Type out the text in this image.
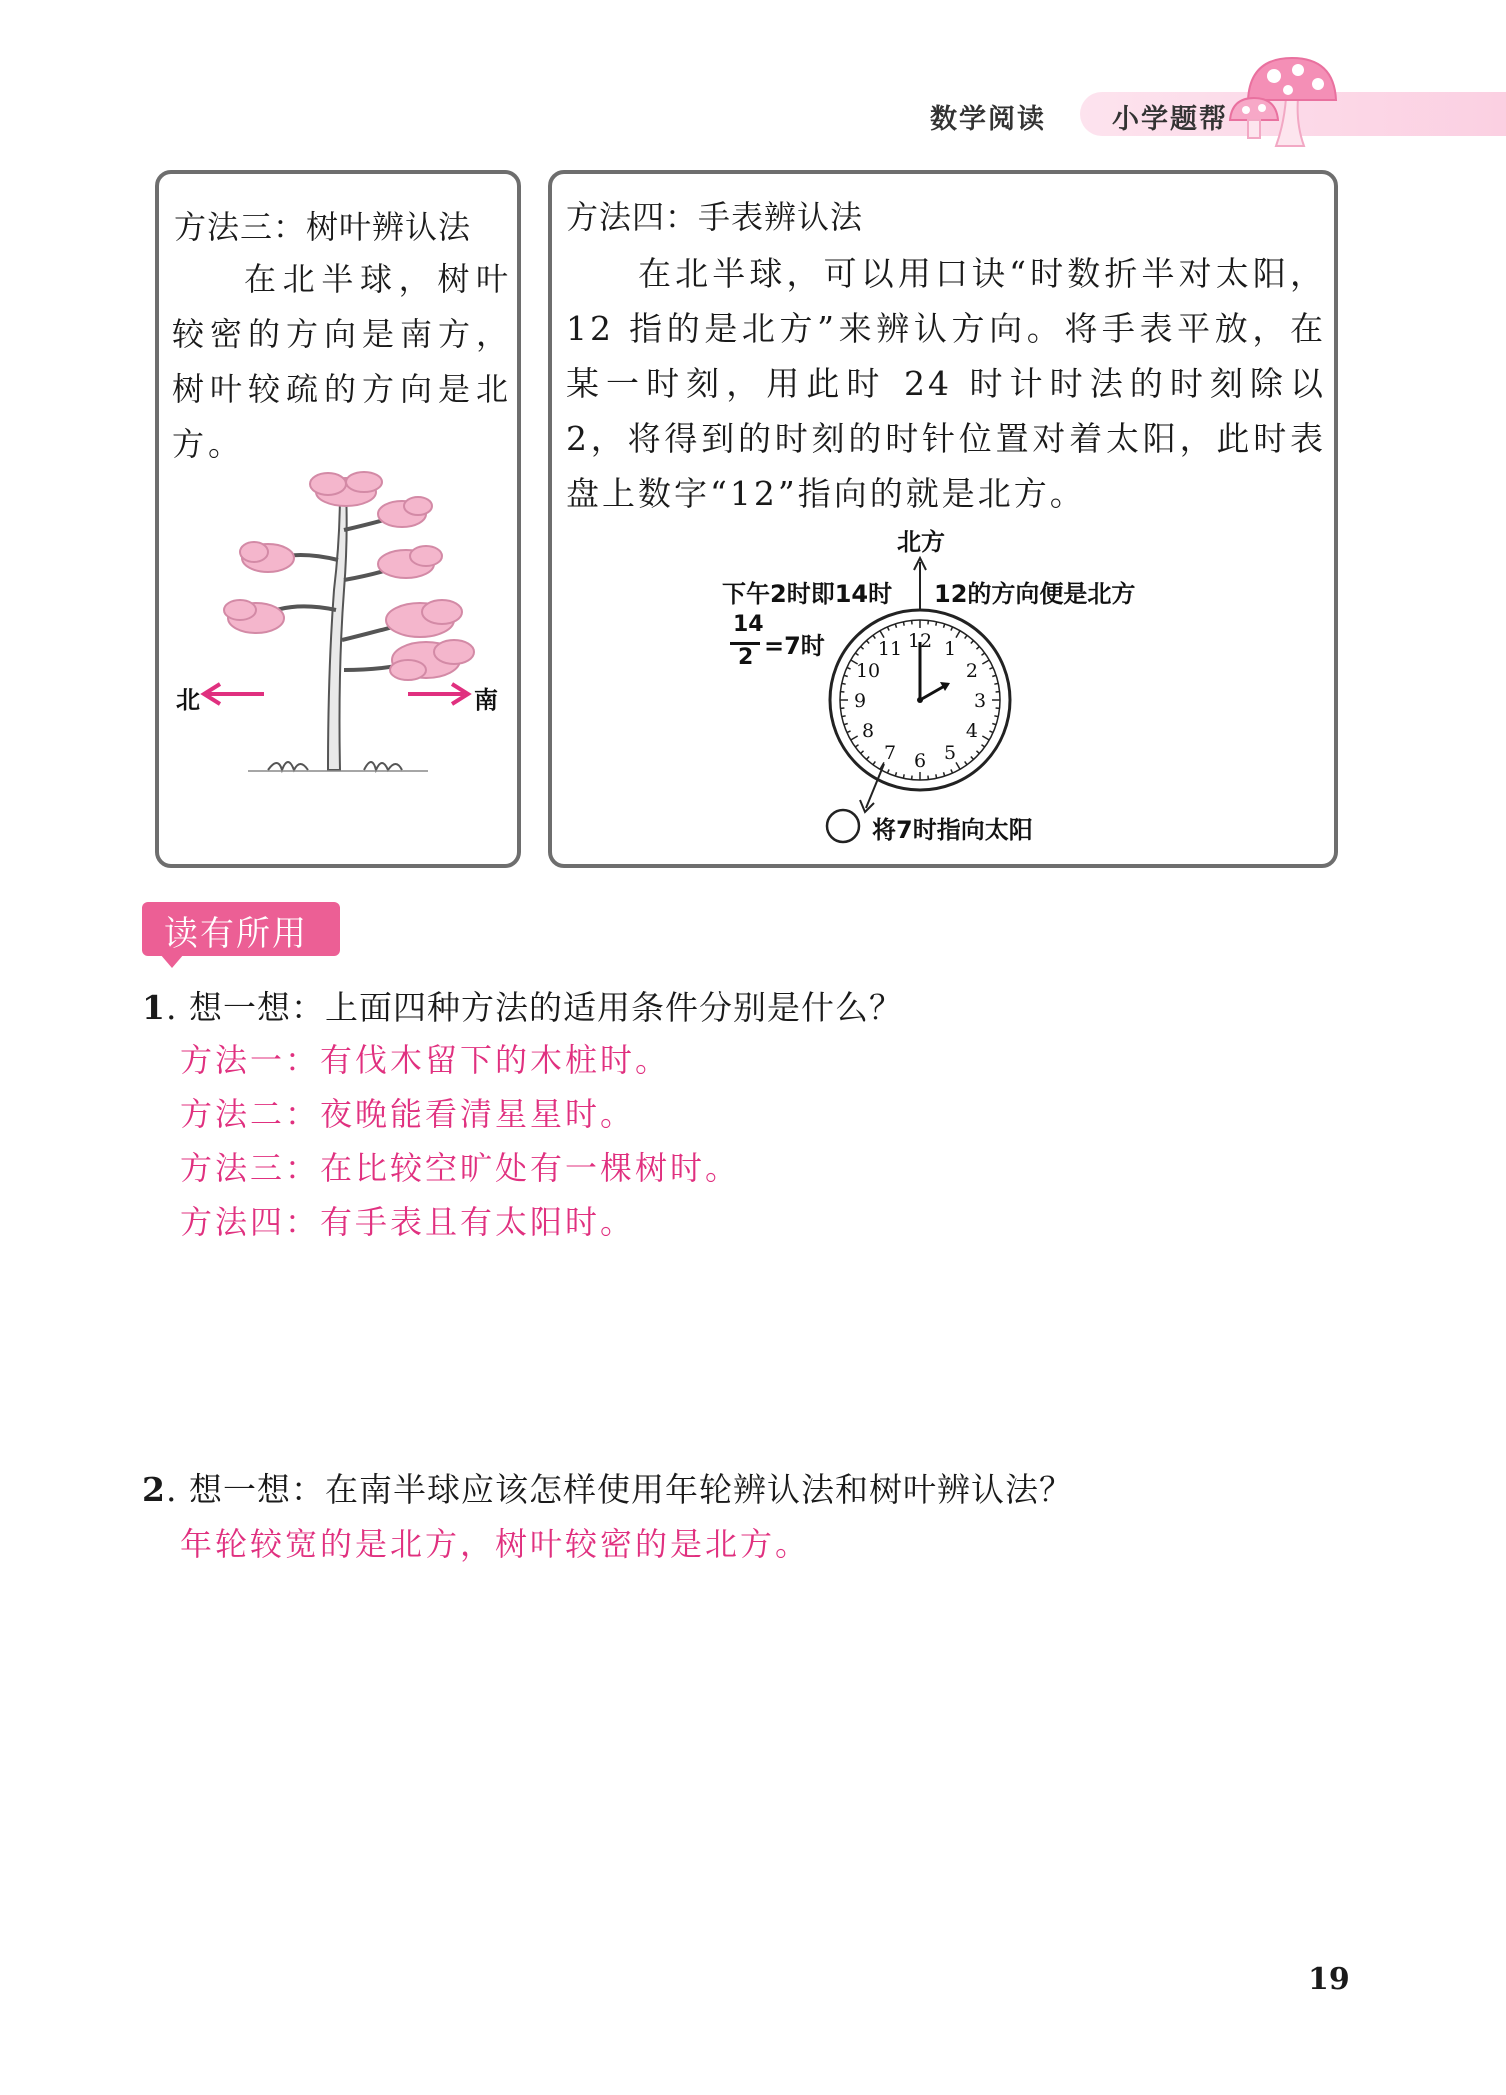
数学阅读 小学题帮
方法三：树叶辨认法
在北半球，树叶较密的方向是南方，树叶较疏的方向是北方。
北	南
方法四：手表辨认法
在北半球，可以用口诀“时数折半对太阳，12 指的是北方”来辨认方向。将手表平放，在某一时刻，用此时 24 时计时法的时刻除以 2，将得到的时刻的时针位置对着太阳，此时表盘上数字“12”指向的就是北方。
北方
下午2时即14时 12的方向便是北方
14
2 =7时	12 1
2
3
4
5
6
7
8
9
10
11
将7时指向太阳
读有所用
1. 想一想：上面四种方法的适用条件分别是什么？
方法一：有伐木留下的木桩时。
方法二：夜晚能看清星星时。
方法三：在比较空旷处有一棵树时。
方法四：有手表且有太阳时。
2. 想一想：在南半球应该怎样使用年轮辨认法和树叶辨认法？
年轮较宽的是北方，树叶较密的是北方。
19
